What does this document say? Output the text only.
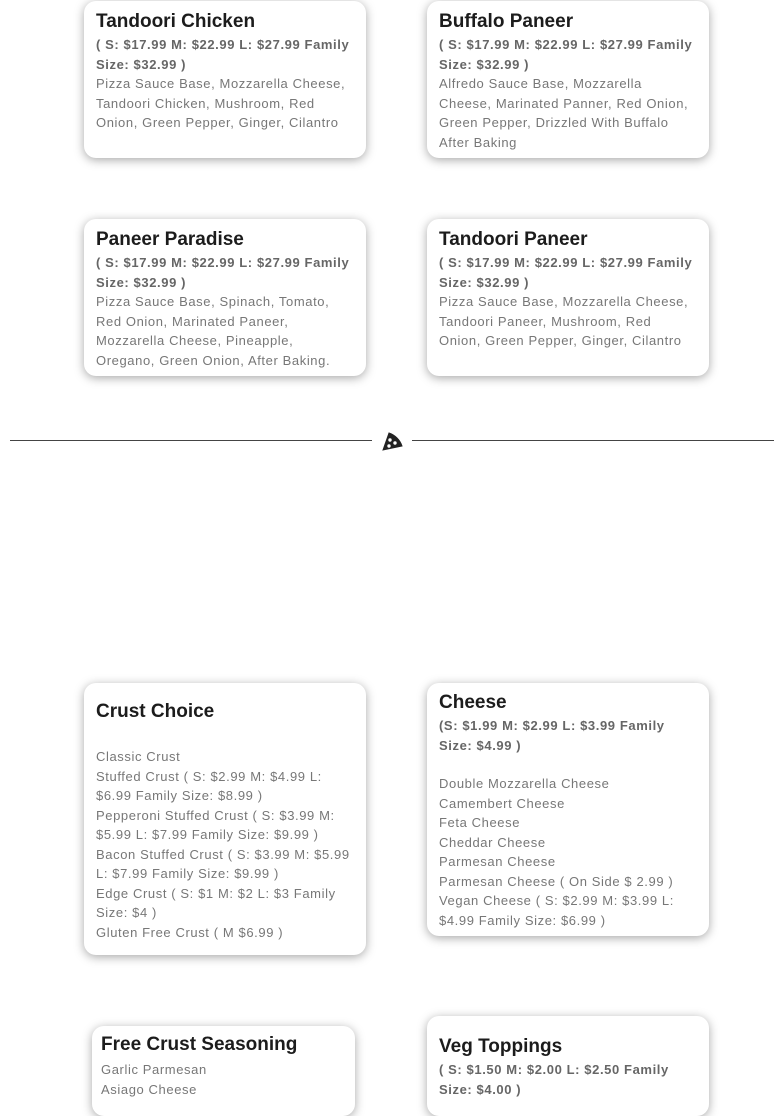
Tandoori Chicken
( S: $17.99 M: $22.99 L: $27.99 Family Size: $32.99 )
Pizza Sauce Base, Mozzarella Cheese, Tandoori Chicken, Mushroom, Red Onion, Green Pepper, Ginger, Cilantro
Buffalo Paneer
( S: $17.99 M: $22.99 L: $27.99 Family Size: $32.99 )
Alfredo Sauce Base, Mozzarella Cheese, Marinated Panner, Red Onion, Green Pepper, Drizzled With Buffalo After Baking
Paneer Paradise
( S: $17.99 M: $22.99 L: $27.99 Family Size: $32.99 )
Pizza Sauce Base, Spinach, Tomato, Red Onion, Marinated Paneer, Mozzarella Cheese, Pineapple, Oregano, Green Onion, After Baking.
Tandoori Paneer
( S: $17.99 M: $22.99 L: $27.99 Family Size: $32.99 )
Pizza Sauce Base, Mozzarella Cheese, Tandoori Paneer, Mushroom, Red Onion, Green Pepper, Ginger, Cilantro
Crust Choice
Classic Crust
Stuffed Crust ( S: $2.99 M: $4.99 L: $6.99 Family Size: $8.99 )
Pepperoni Stuffed Crust ( S: $3.99 M: $5.99 L: $7.99 Family Size: $9.99 )
Bacon Stuffed Crust ( S: $3.99 M: $5.99 L: $7.99 Family Size: $9.99 )
Edge Crust ( S: $1 M: $2 L: $3 Family Size: $4 )
Gluten Free Crust ( M $6.99 )
Cheese
(S: $1.99 M: $2.99 L: $3.99 Family Size: $4.99 )
Double Mozzarella Cheese
Camembert Cheese
Feta Cheese
Cheddar Cheese
Parmesan Cheese
Parmesan Cheese ( On Side $ 2.99 )
Vegan Cheese ( S: $2.99 M: $3.99 L: $4.99 Family Size: $6.99 )
Free Crust Seasoning
Garlic Parmesan
Asiago Cheese
Veg Toppings
( S: $1.50 M: $2.00 L: $2.50 Family Size: $4.00 )
